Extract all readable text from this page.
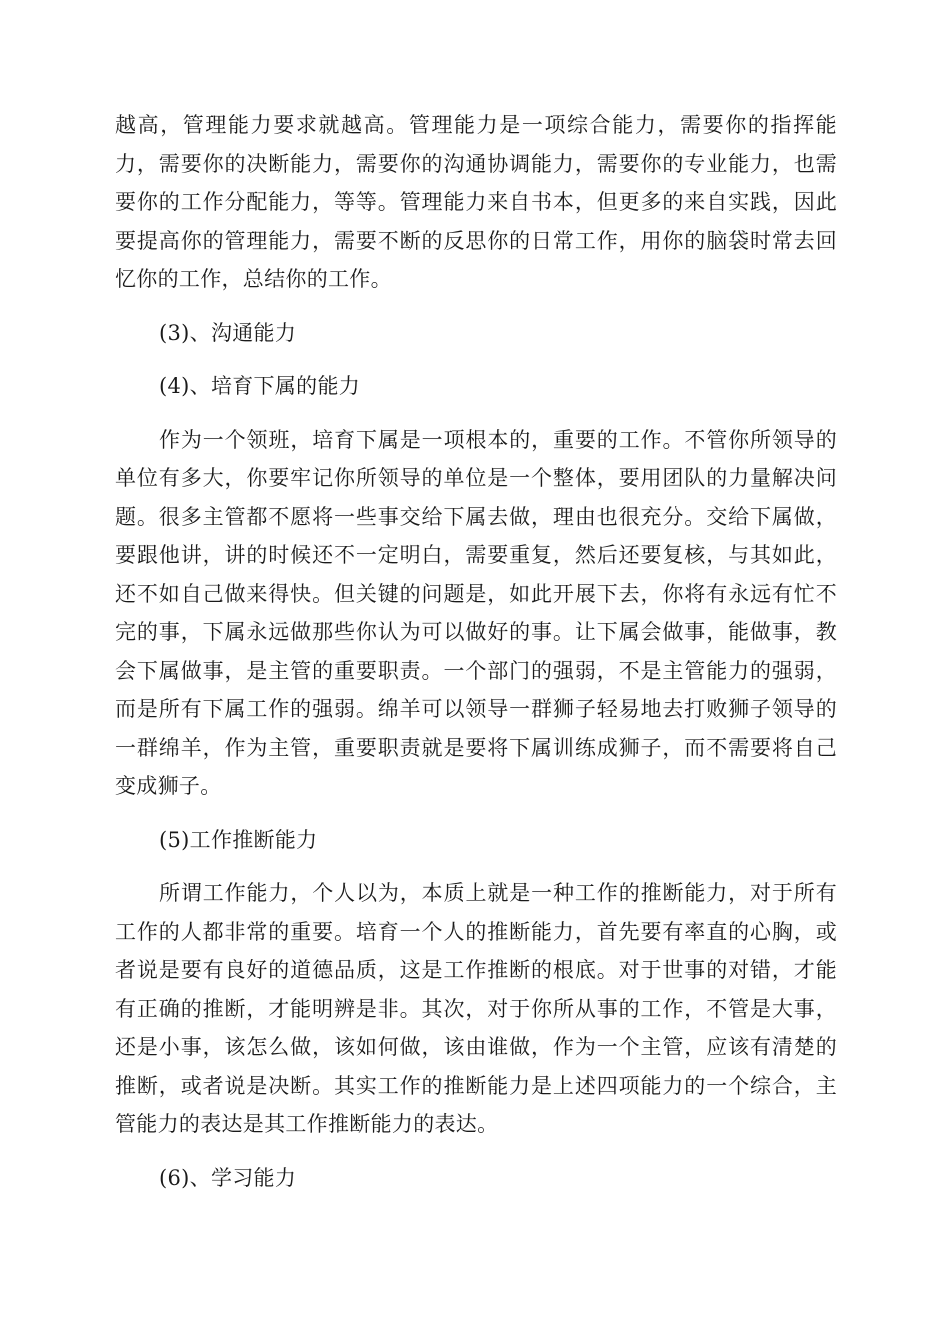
越高，管理能力要求就越高。管理能力是一项综合能力，需要你的指挥能力，需要你的决断能力，需要你的沟通协调能力，需要你的专业能力，也需要你的工作分配能力，等等。管理能力来自书本，但更多的来自实践，因此要提高你的管理能力，需要不断的反思你的日常工作，用你的脑袋时常去回忆你的工作，总结你的工作。

(3)、沟通能力

(4)、培育下属的能力

作为一个领班，培育下属是一项根本的，重要的工作。不管你所领导的单位有多大，你要牢记你所领导的单位是一个整体，要用团队的力量解决问题。很多主管都不愿将一些事交给下属去做，理由也很充分。交给下属做，要跟他讲，讲的时候还不一定明白，需要重复，然后还要复核，与其如此，还不如自己做来得快。但关键的问题是，如此开展下去，你将有永远有忙不完的事，下属永远做那些你认为可以做好的事。让下属会做事，能做事，教会下属做事，是主管的重要职责。一个部门的强弱，不是主管能力的强弱，而是所有下属工作的强弱。绵羊可以领导一群狮子轻易地去打败狮子领导的一群绵羊，作为主管，重要职责就是要将下属训练成狮子，而不需要将自己变成狮子。

(5)工作推断能力

所谓工作能力，个人以为，本质上就是一种工作的推断能力，对于所有工作的人都非常的重要。培育一个人的推断能力，首先要有率直的心胸，或者说是要有良好的道德品质，这是工作推断的根底。对于世事的对错，才能有正确的推断，才能明辨是非。其次，对于你所从事的工作，不管是大事，还是小事，该怎么做，该如何做，该由谁做，作为一个主管，应该有清楚的推断，或者说是决断。其实工作的推断能力是上述四项能力的一个综合，主管能力的表达是其工作推断能力的表达。

(6)、学习能力
